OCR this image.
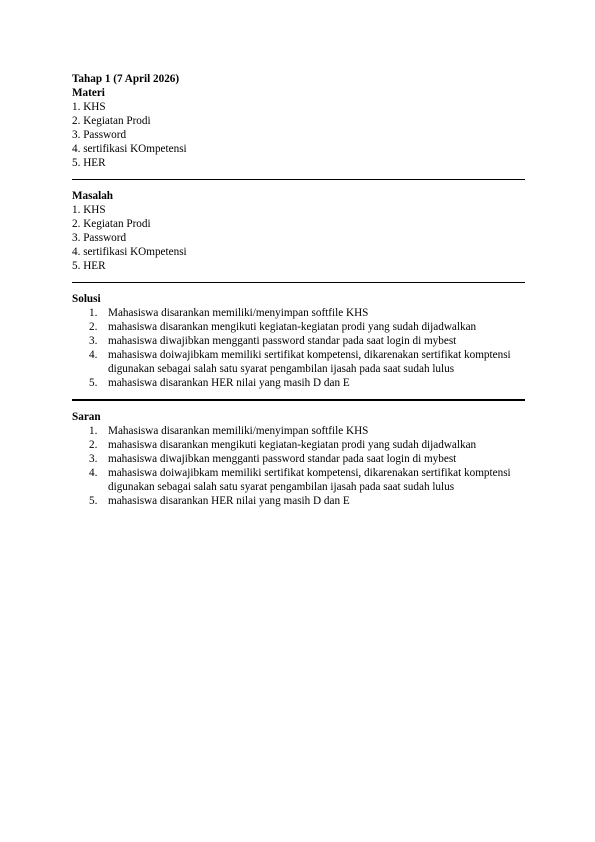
Tahap 1 (7 April 2026)
Materi
1. KHS
2. Kegiatan Prodi
3. Password
4. sertifikasi KOmpetensi
5. HER
Masalah
1. KHS
2. Kegiatan Prodi
3. Password
4. sertifikasi KOmpetensi
5. HER
Solusi
1. Mahasiswa disarankan memiliki/menyimpan softfile KHS
2. mahasiswa disarankan mengikuti kegiatan-kegiatan prodi yang sudah dijadwalkan
3. mahasiswa diwajibkan mengganti password standar pada saat login di mybest
4. mahasiswa doiwajibkam memiliki sertifikat kompetensi, dikarenakan sertifikat komptensi digunakan sebagai salah satu syarat pengambilan ijasah pada saat sudah lulus
5. mahasiswa disarankan HER nilai yang masih D dan E
Saran
1. Mahasiswa disarankan memiliki/menyimpan softfile KHS
2. mahasiswa disarankan mengikuti kegiatan-kegiatan prodi yang sudah dijadwalkan
3. mahasiswa diwajibkan mengganti password standar pada saat login di mybest
4. mahasiswa doiwajibkam memiliki sertifikat kompetensi, dikarenakan sertifikat komptensi digunakan sebagai salah satu syarat pengambilan ijasah pada saat sudah lulus
5. mahasiswa disarankan HER nilai yang masih D dan E
